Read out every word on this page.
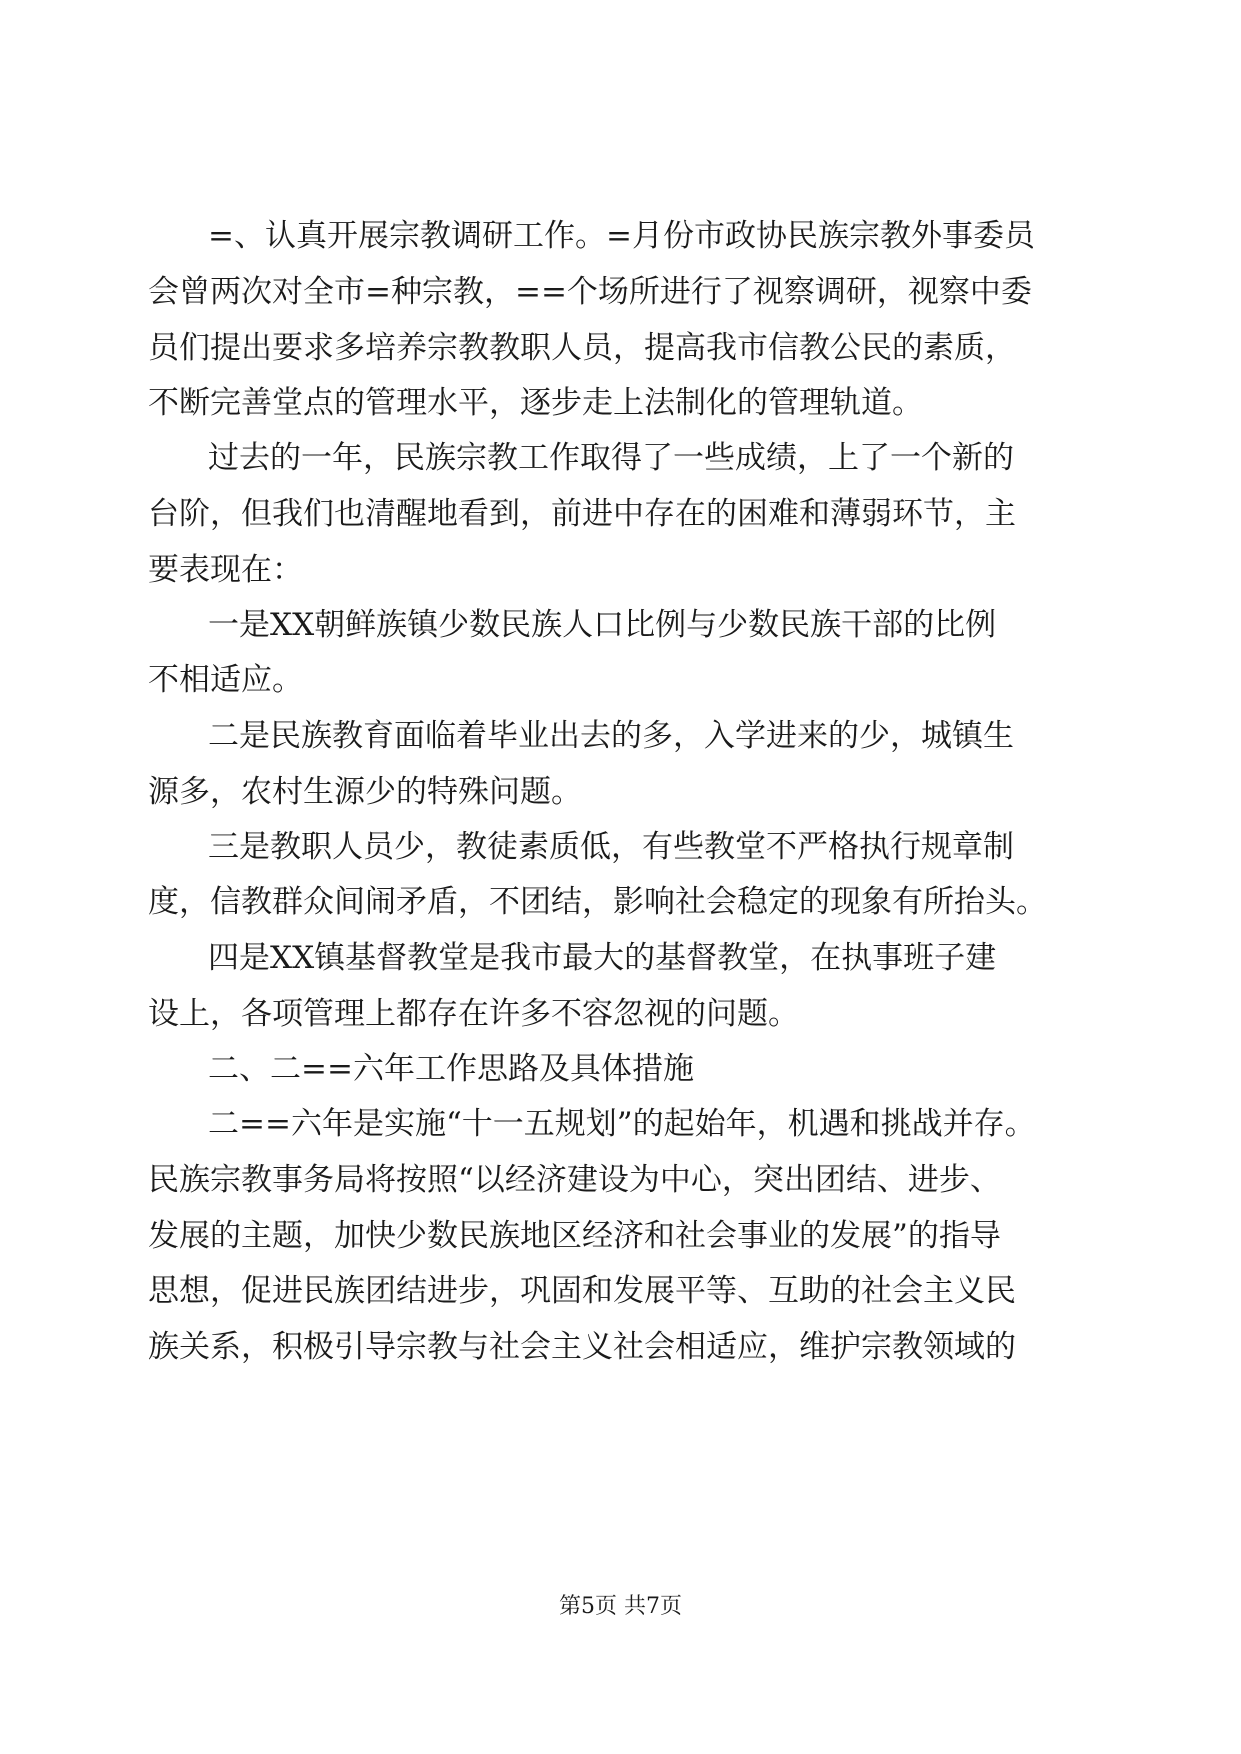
=、认真开展宗教调研工作。=月份市政协民族宗教外事委员
会曾两次对全市=种宗教，==个场所进行了视察调研，视察中委
员们提出要求多培养宗教教职人员，提高我市信教公民的素质，
不断完善堂点的管理水平，逐步走上法制化的管理轨道。
过去的一年，民族宗教工作取得了一些成绩，上了一个新的
台阶，但我们也清醒地看到，前进中存在的困难和薄弱环节，主
要表现在：
一是XX朝鲜族镇少数民族人口比例与少数民族干部的比例
不相适应。
二是民族教育面临着毕业出去的多，入学进来的少，城镇生
源多，农村生源少的特殊问题。
三是教职人员少，教徒素质低，有些教堂不严格执行规章制
度，信教群众间闹矛盾，不团结，影响社会稳定的现象有所抬头。
四是XX镇基督教堂是我市最大的基督教堂，在执事班子建
设上，各项管理上都存在许多不容忽视的问题。
二、二==六年工作思路及具体措施
二==六年是实施“十一五规划”的起始年，机遇和挑战并存。
民族宗教事务局将按照“以经济建设为中心，突出团结、进步、
发展的主题，加快少数民族地区经济和社会事业的发展”的指导
思想，促进民族团结进步，巩固和发展平等、互助的社会主义民
族关系，积极引导宗教与社会主义社会相适应，维护宗教领域的
第5页 共7页
